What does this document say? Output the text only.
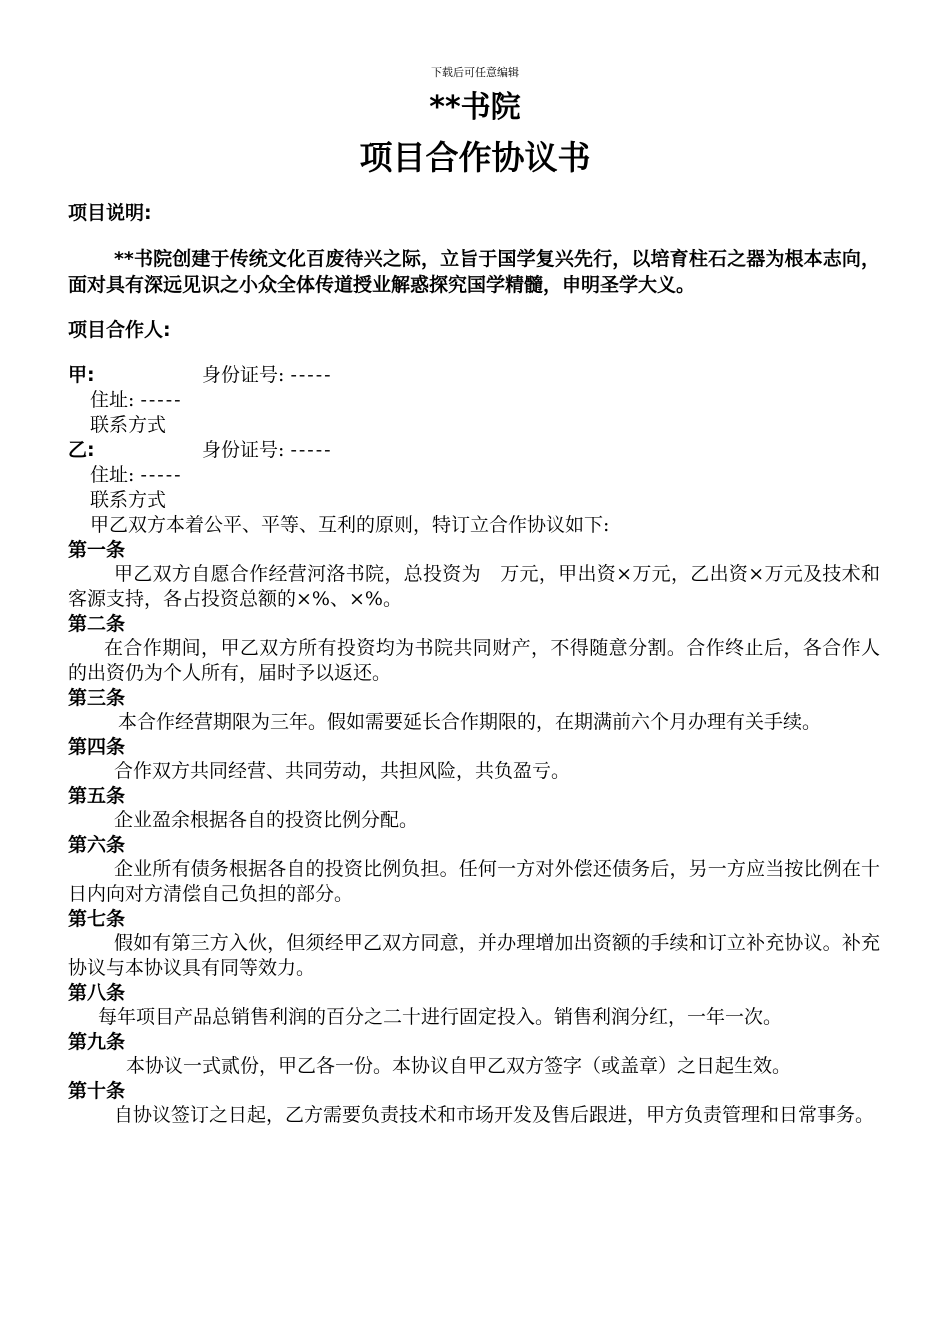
下载后可任意编辑
**书院
项目合作协议书
项目说明:
**书院创建于传统文化百废待兴之际，立旨于国学复兴先行，以培育柱石之器为根本志向，面对具有深远见识之小众全体传道授业解惑探究国学精髓，申明圣学大义。
项目合作人:
甲:	身份证号: -----
住址: -----
联系方式
乙:	身份证号: -----
住址: -----
联系方式
甲乙双方本着公平、平等、互利的原则，特订立合作协议如下:
第一条
甲乙双方自愿合作经营河洛书院，总投资为　万元，甲出资×万元，乙出资×万元及技术和客源支持，各占投资总额的×%、×%。
第二条
在合作期间，甲乙双方所有投资均为书院共同财产，不得随意分割。合作终止后，各合作人的出资仍为个人所有，届时予以返还。
第三条
本合作经营期限为三年。假如需要延长合作期限的，在期满前六个月办理有关手续。
第四条
合作双方共同经营、共同劳动，共担风险，共负盈亏。
第五条
企业盈余根据各自的投资比例分配。
第六条
企业所有债务根据各自的投资比例负担。任何一方对外偿还债务后，另一方应当按比例在十日内向对方清偿自己负担的部分。
第七条
假如有第三方入伙，但须经甲乙双方同意，并办理增加出资额的手续和订立补充协议。补充协议与本协议具有同等效力。
第八条
每年项目产品总销售利润的百分之二十进行固定投入。销售利润分红，一年一次。
第九条
本协议一式贰份，甲乙各一份。本协议自甲乙双方签字（或盖章）之日起生效。
第十条
自协议签订之日起，乙方需要负责技术和市场开发及售后跟进，甲方负责管理和日常事务。
